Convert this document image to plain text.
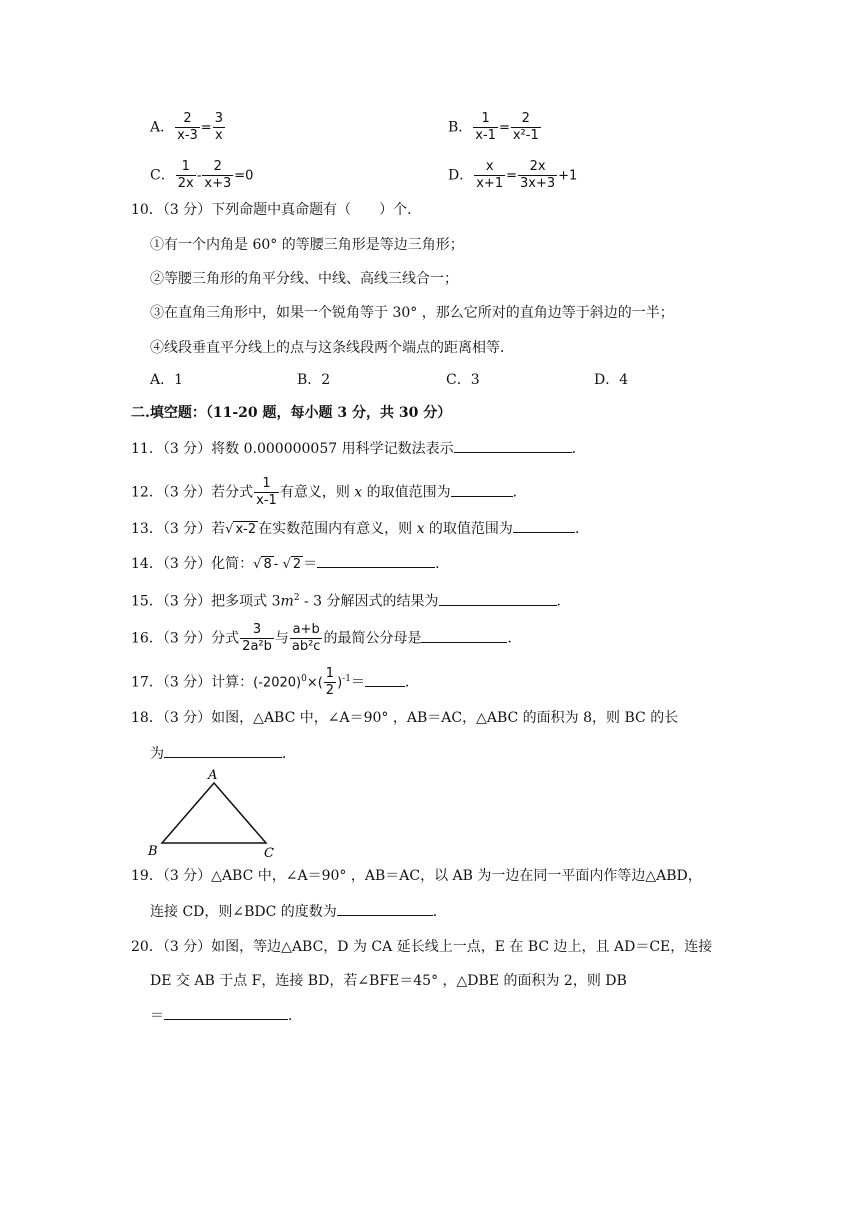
A． $\frac{2}{x-3} = \frac{3}{x}$	B． $\frac{1}{x-1} = \frac{2}{\text{x²-1}}$
C． $\frac{1}{2x} - \frac{2}{x+3} =0$	D． $\frac{x}{x+1} = \frac{2x}{3x+3} +1$
10．（3 分）下列命题中真命题有（　　）个．
①有一个内角是 60° 的等腰三角形是等边三角形；
②等腰三角形的角平分线、中线、高线三线合一；
③在直角三角形中，如果一个锐角等于 30° ，那么它所对的直角边等于斜边的一半；
④线段垂直平分线上的点与这条线段两个端点的距离相等．
A．1	B．2	C．3	D．4
二.填空题：（11-20 题，每小题 3 分，共 30 分）
11．（3 分）将数 0.000000057 用科学记数法表示	．
12．（3 分）若分式 $\frac{1}{x-1}$ 有意义，则 x 的取值范围为	．
13．（3 分）若√ x-2 在实数范围内有意义，则 x 的取值范围为	．
14．（3 分）化简：√ 8 - √ 2 ＝	．
15．（3 分）把多项式 $3m^2 - 3$ 分解因式的结果为	．
16．（3 分）分式 $\frac{3}{\text{2a²b}}$ 与 $\frac{a+b}{\text{ab²c}}$ 的最简公分母是	．
17．（3 分）计算：$(-2020)^0\times( \frac{1}{2} )^{-1}=$	．
18．（3 分）如图，△ABC 中，∠A＝90° ，AB＝AC，△ABC 的面积为 8，则 BC 的长
为	．
A
B	C
19．（3 分）△ABC 中，∠A＝90° ，AB＝AC，以 AB 为一边在同一平面内作等边△ABD，
连接 CD，则∠BDC 的度数为	．
20．（3 分）如图，等边△ABC，D 为 CA 延长线上一点，E 在 BC 边上，且 AD＝CE，连接
DE 交 AB 于点 F，连接 BD，若∠BFE＝45° ，△DBE 的面积为 2，则 DB
＝	．
